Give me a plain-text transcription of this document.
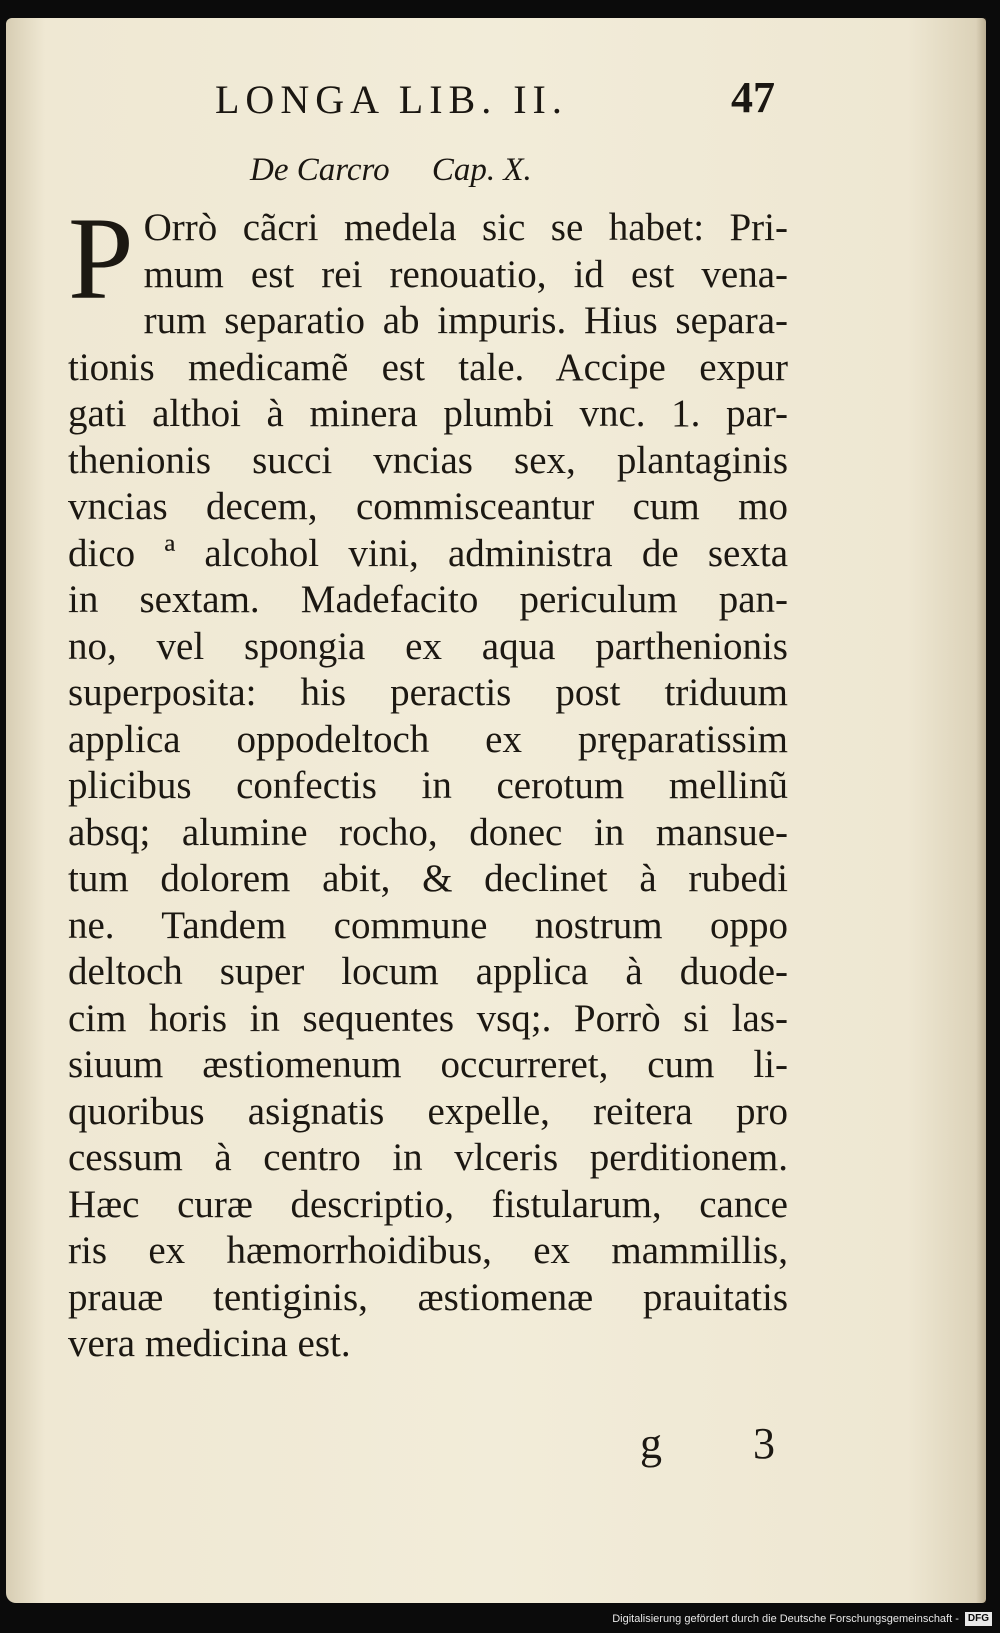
LONGA LIB. II.	47
De Carcro Cap. X.
P Orrò cãcri medela sic se habet: Pri-
mum est rei renouatio, id est vena-
rum separatio ab impuris. Hius separa-
tionis medicamẽ est tale. Accipe expur
gati althoi à minera plumbi vnc. 1. par-
thenionis succi vncias sex, plantaginis
vncias decem, commisceantur cum mo
dico ª alcohol vini, administra de sexta
in sextam. Madefacito periculum pan-
no, vel spongia ex aqua parthenionis
superposita: his peractis post triduum
applica oppodeltoch ex pręparatissim
plicibus confectis in cerotum mellinũ
absq; alumine rocho, donec in mansue-
tum dolorem abit, & declinet à rubedi
ne. Tandem commune nostrum oppo
deltoch super locum applica à duode-
cim horis in sequentes vsq;. Porrò si las-
siuum æstiomenum occurreret, cum li-
quoribus asignatis expelle, reitera pro
cessum à centro in vlceris perditionem.
Hæc curæ descriptio, fistularum, cance
ris ex hæmorrhoidibus, ex mammillis,
prauæ tentiginis, æstiomenæ prauitatis
vera medicina est.
g 3
Digitalisierung gefördert durch die Deutsche Forschungsgemeinschaft - DFG
